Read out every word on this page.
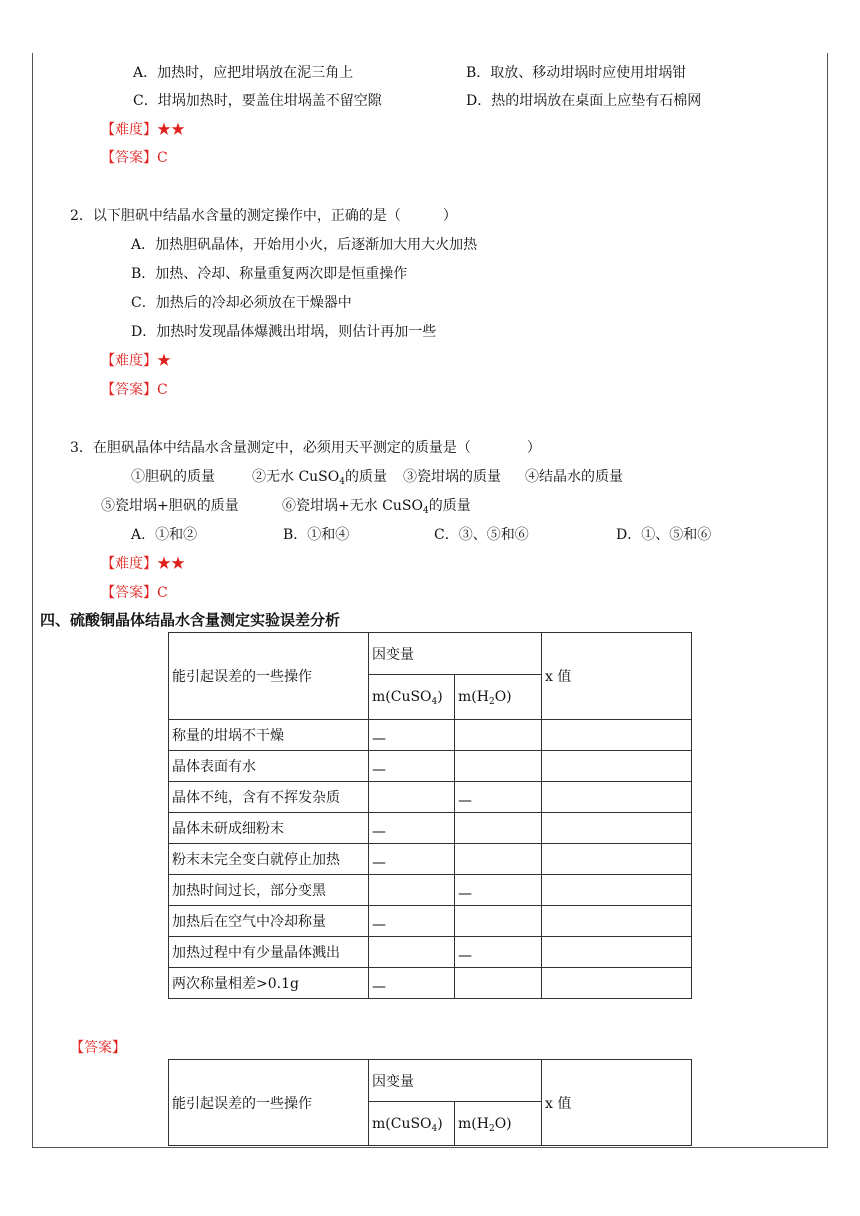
A．加热时，应把坩埚放在泥三角上	B．取放、移动坩埚时应使用坩埚钳
C．坩埚加热时，要盖住坩埚盖不留空隙	D．热的坩埚放在桌面上应垫有石棉网
【难度】★★
【答案】C
2．以下胆矾中结晶水含量的测定操作中，正确的是（　　　）
A．加热胆矾晶体，开始用小火，后逐渐加大用大火加热
B．加热、冷却、称量重复两次即是恒重操作
C．加热后的冷却必须放在干燥器中
D．加热时发现晶体爆溅出坩埚，则估计再加一些
【难度】★
【答案】C
3．在胆矾晶体中结晶水含量测定中，必须用天平测定的质量是（　　　　）
①胆矾的质量	②无水 CuSO$_4$的质量 ③瓷坩埚的质量 ④结晶水的质量
⑤瓷坩埚+胆矾的质量	⑥瓷坩埚+无水 CuSO$_4$的质量
A．①和②	B．①和④	C．③、⑤和⑥	D．①、⑤和⑥
【难度】★★
【答案】C
四、硫酸铜晶体结晶水含量测定实验误差分析
能引起误差的一些操作	因变量		x 值
	m(CuSO$_4$)	$m(H_2O)$	
称量的坩埚不干燥	—		
晶体表面有水	—		
晶体不纯，含有不挥发杂质		—	
晶体未研成细粉末	—		
粉末未完全变白就停止加热	—		
加热时间过长，部分变黑		—	
加热后在空气中冷却称量	—		
加热过程中有少量晶体溅出		—	
两次称量相差>0.1g	—		
【答案】
能引起误差的一些操作	因变量		x 值
	m(CuSO$_4$)	$m(H_2O)$	
